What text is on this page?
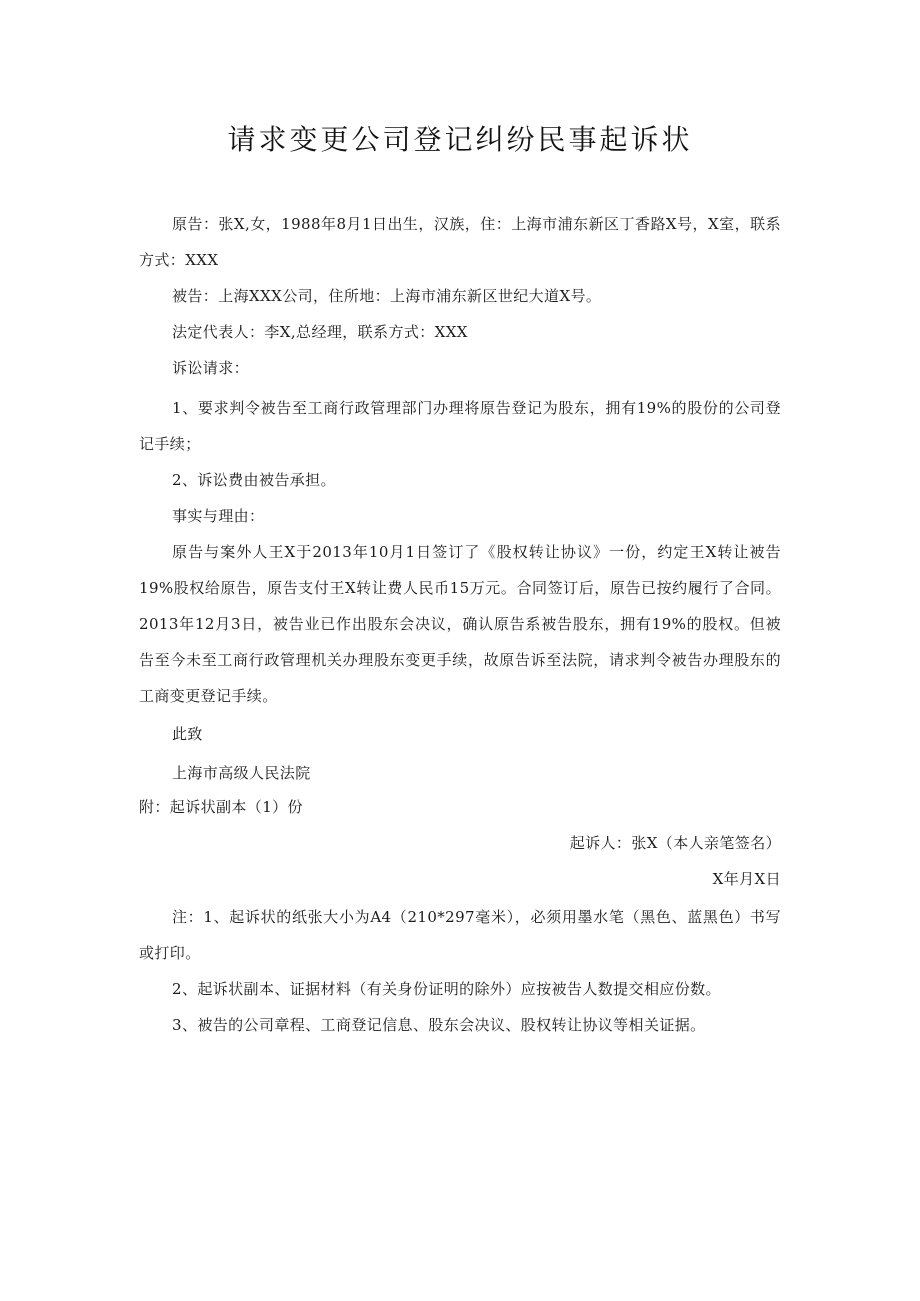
请求变更公司登记纠纷民事起诉状

原告：张X,女，1988年8月1日出生，汉族，住：上海市浦东新区丁香路X号，X室，联系方式：XXX

被告：上海XXX公司，住所地：上海市浦东新区世纪大道X号。

法定代表人：李X,总经理，联系方式：XXX

诉讼请求：

1、要求判令被告至工商行政管理部门办理将原告登记为股东，拥有19%的股份的公司登记手续；

2、诉讼费由被告承担。

事实与理由：

原告与案外人王X于2013年10月1日签订了《股权转让协议》一份，约定王X转让被告19%股权给原告，原告支付王X转让费人民币15万元。合同签订后，原告已按约履行了合同。2013年12月3日，被告业已作出股东会决议，确认原告系被告股东，拥有19%的股权。但被告至今未至工商行政管理机关办理股东变更手续，故原告诉至法院，请求判令被告办理股东的工商变更登记手续。

此致

上海市高级人民法院

附：起诉状副本（1）份

起诉人：张X（本人亲笔签名）
X年月X日

注：1、起诉状的纸张大小为A4（210*297毫米），必须用墨水笔（黑色、蓝黑色）书写或打印。

2、起诉状副本、证据材料（有关身份证明的除外）应按被告人数提交相应份数。

3、被告的公司章程、工商登记信息、股东会决议、股权转让协议等相关证据。
